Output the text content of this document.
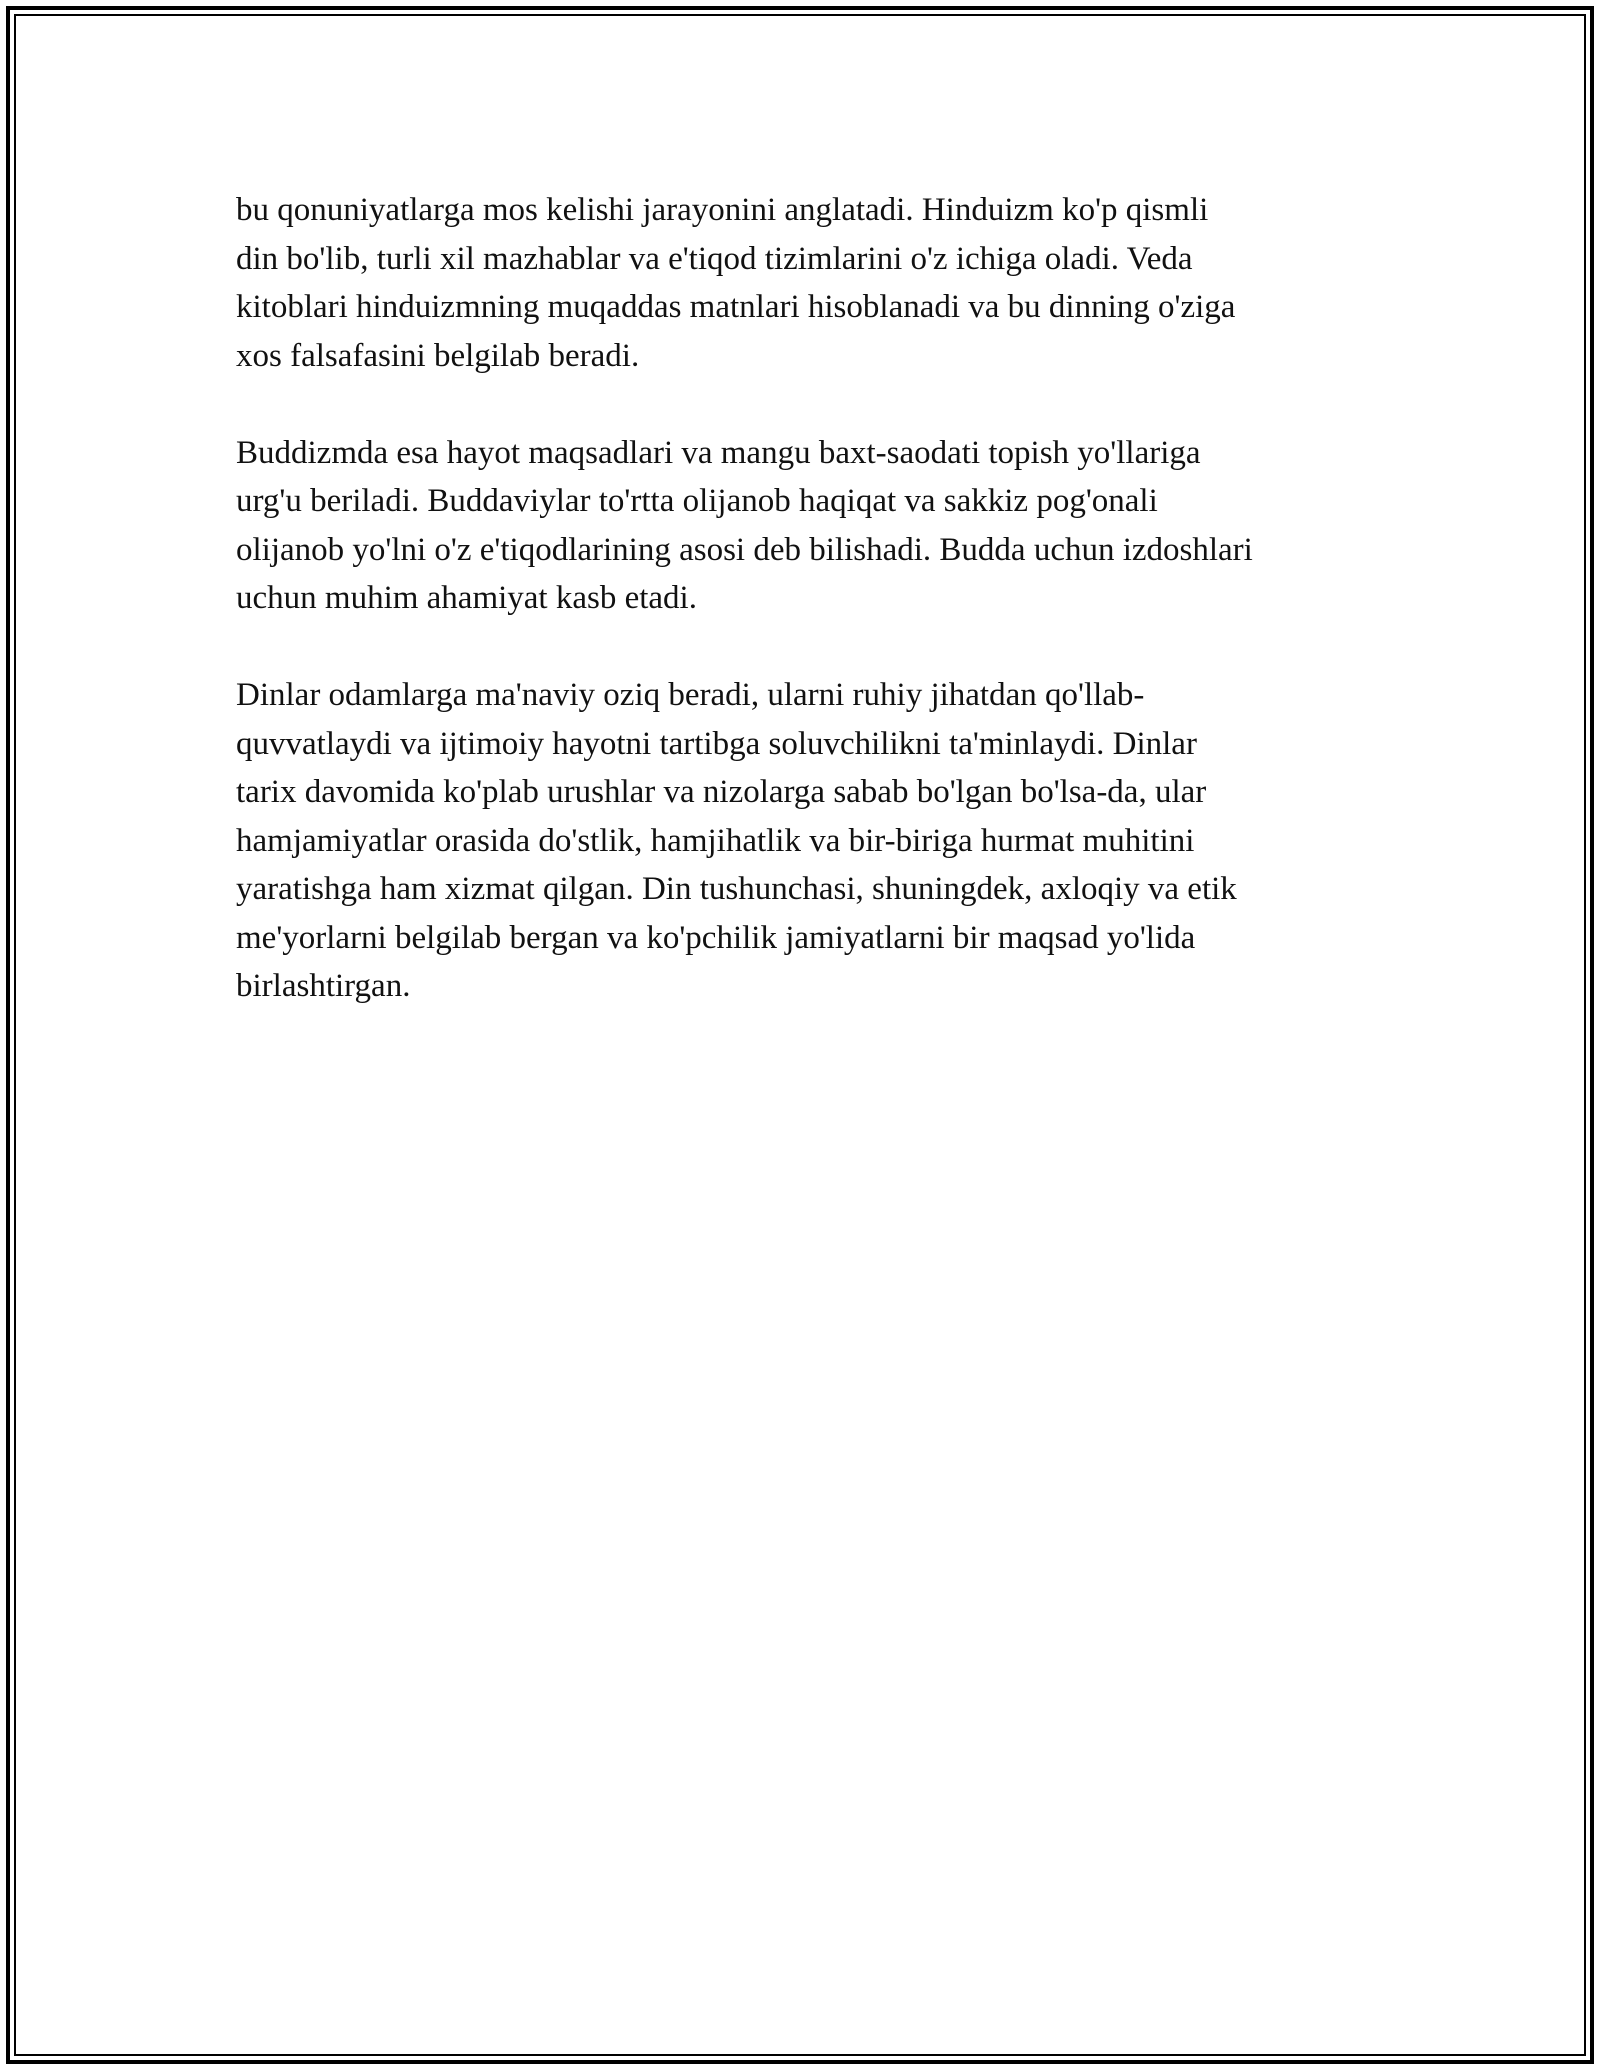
bu qonuniyatlarga mos kelishi jarayonini anglatadi. Hinduizm ko'p qismli
din bo'lib, turli xil mazhablar va e'tiqod tizimlarini o'z ichiga oladi. Veda
kitoblari hinduizmning muqaddas matnlari hisoblanadi va bu dinning o'ziga
xos falsafasini belgilab beradi.

Buddizmda esa hayot maqsadlari va mangu baxt-saodati topish yo'llariga
urg'u beriladi. Buddaviylar to'rtta olijanob haqiqat va sakkiz pog'onali
olijanob yo'lni o'z e'tiqodlarining asosi deb bilishadi. Budda uchun izdoshlari
uchun muhim ahamiyat kasb etadi.

Dinlar odamlarga ma'naviy oziq beradi, ularni ruhiy jihatdan qo'llab-
quvvatlaydi va ijtimoiy hayotni tartibga soluvchilikni ta'minlaydi. Dinlar
tarix davomida ko'plab urushlar va nizolarga sabab bo'lgan bo'lsa-da, ular
hamjamiyatlar orasida do'stlik, hamjihatlik va bir-biriga hurmat muhitini
yaratishga ham xizmat qilgan. Din tushunchasi, shuningdek, axloqiy va etik
me'yorlarni belgilab bergan va ko'pchilik jamiyatlarni bir maqsad yo'lida
birlashtirgan.
